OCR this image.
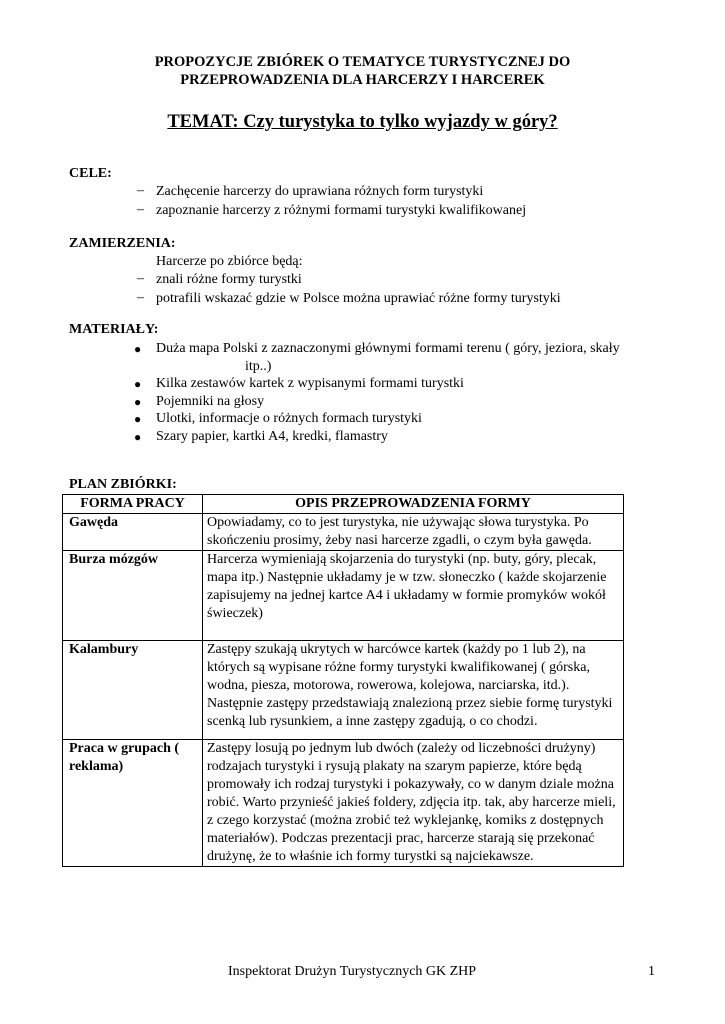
PROPOZYCJE ZBIÓREK O TEMATYCE TURYSTYCZNEJ DO
PRZEPROWADZENIA DLA HARCERZY I HARCEREK
TEMAT: Czy turystyka to tylko wyjazdy w góry?
CELE:
– Zachęcenie harcerzy do uprawiana różnych form turystyki
– zapoznanie harcerzy z różnymi formami turystyki kwalifikowanej
ZAMIERZENIA:
Harcerze po zbiórce będą:
– znali różne formy turystki
– potrafili wskazać gdzie w Polsce można uprawiać różne formy turystyki
MATERIAŁY:
● Duża mapa Polski z zaznaczonymi głównymi formami terenu ( góry, jeziora, skały
itp..)
● Kilka zestawów kartek z wypisanymi formami turystki
● Pojemniki na głosy
● Ulotki, informacje o różnych formach turystyki
● Szary papier, kartki A4, kredki, flamastry
PLAN ZBIÓRKI:
FORMA PRACY	OPIS PRZEPROWADZENIA FORMY
Gawęda	Opowiadamy, co to jest turystyka, nie używając słowa turystyka. Po skończeniu prosimy, żeby nasi harcerze zgadli, o czym była gawęda.
Burza mózgów	Harcerza wymieniają skojarzenia do turystyki (np. buty, góry, plecak, mapa itp.) Następnie układamy je w tzw. słoneczko ( każde skojarzenie zapisujemy na jednej kartce A4 i układamy w formie promyków wokół świeczek)
Kalambury	Zastępy szukają ukrytych w harcówce kartek (każdy po 1 lub 2), na których są wypisane różne formy turystyki kwalifikowanej ( górska, wodna, piesza, motorowa, rowerowa, kolejowa, narciarska, itd.). Następnie zastępy przedstawiają znalezioną przez siebie formę turystyki scenką lub rysunkiem, a inne zastępy zgadują, o co chodzi.
Praca w grupach ( reklama)	Zastępy losują po jednym lub dwóch (zależy od liczebności drużyny) rodzajach turystyki i rysują plakaty na szarym papierze, które będą promowały ich rodzaj turystyki i pokazywały, co w danym dziale można robić. Warto przynieść jakieś foldery, zdjęcia itp. tak, aby harcerze mieli, z czego korzystać (można zrobić też wyklejankę, komiks z dostępnych materiałów). Podczas prezentacji prac, harcerze starają się przekonać drużynę, że to właśnie ich formy turystki są najciekawsze.
Inspektorat Drużyn Turystycznych GK ZHP	1
